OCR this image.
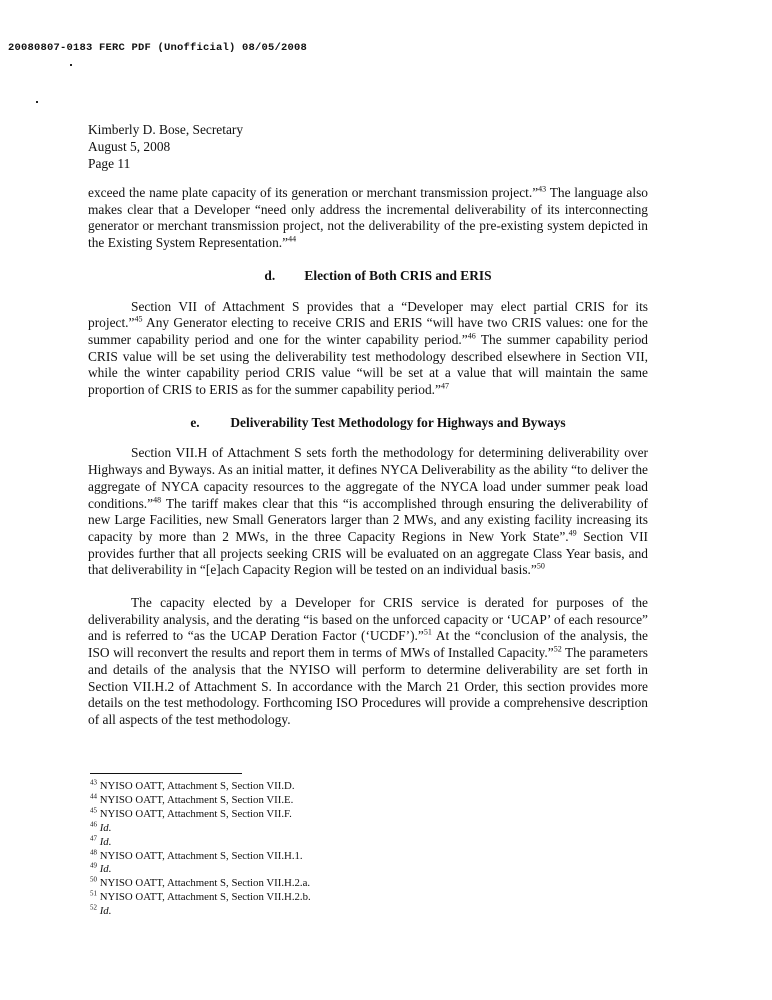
20080807-0183 FERC PDF (Unofficial) 08/05/2008
Kimberly D. Bose, Secretary
August 5, 2008
Page 11

exceed the name plate capacity of its generation or merchant transmission project.”$^{43}$ The language also makes clear that a Developer “need only address the incremental deliverability of its interconnecting generator or merchant transmission project, not the deliverability of the pre-existing system depicted in the Existing System Representation.”$^{44}$

d. Election of Both CRIS and ERIS

Section VII of Attachment S provides that a “Developer may elect partial CRIS for its project.”$^{45}$ Any Generator electing to receive CRIS and ERIS “will have two CRIS values: one for the summer capability period and one for the winter capability period.”$^{46}$ The summer capability period CRIS value will be set using the deliverability test methodology described elsewhere in Section VII, while the winter capability period CRIS value “will be set at a value that will maintain the same proportion of CRIS to ERIS as for the summer capability period.”$^{47}$

e. Deliverability Test Methodology for Highways and Byways

Section VII.H of Attachment S sets forth the methodology for determining deliverability over Highways and Byways. As an initial matter, it defines NYCA Deliverability as the ability “to deliver the aggregate of NYCA capacity resources to the aggregate of the NYCA load under summer peak load conditions.”$^{48}$ The tariff makes clear that this “is accomplished through ensuring the deliverability of new Large Facilities, new Small Generators larger than 2 MWs, and any existing facility increasing its capacity by more than 2 MWs, in the three Capacity Regions in New York State”.$^{49}$ Section VII provides further that all projects seeking CRIS will be evaluated on an aggregate Class Year basis, and that deliverability in “[e]ach Capacity Region will be tested on an individual basis.”$^{50}$

The capacity elected by a Developer for CRIS service is derated for purposes of the deliverability analysis, and the derating “is based on the unforced capacity or ‘UCAP’ of each resource” and is referred to “as the UCAP Deration Factor (‘UCDF’).”$^{51}$ At the “conclusion of the analysis, the ISO will reconvert the results and report them in terms of MWs of Installed Capacity.”$^{52}$ The parameters and details of the analysis that the NYISO will perform to determine deliverability are set forth in Section VII.H.2 of Attachment S. In accordance with the March 21 Order, this section provides more details on the test methodology. Forthcoming ISO Procedures will provide a comprehensive description of all aspects of the test methodology.

$^{43}$ NYISO OATT, Attachment S, Section VII.D.
$^{44}$ NYISO OATT, Attachment S, Section VII.E.
$^{45}$ NYISO OATT, Attachment S, Section VII.F.
$^{46}$ Id.
$^{47}$ Id.
$^{48}$ NYISO OATT, Attachment S, Section VII.H.1.
$^{49}$ Id.
$^{50}$ NYISO OATT, Attachment S, Section VII.H.2.a.
$^{51}$ NYISO OATT, Attachment S, Section VII.H.2.b.
$^{52}$ Id.
